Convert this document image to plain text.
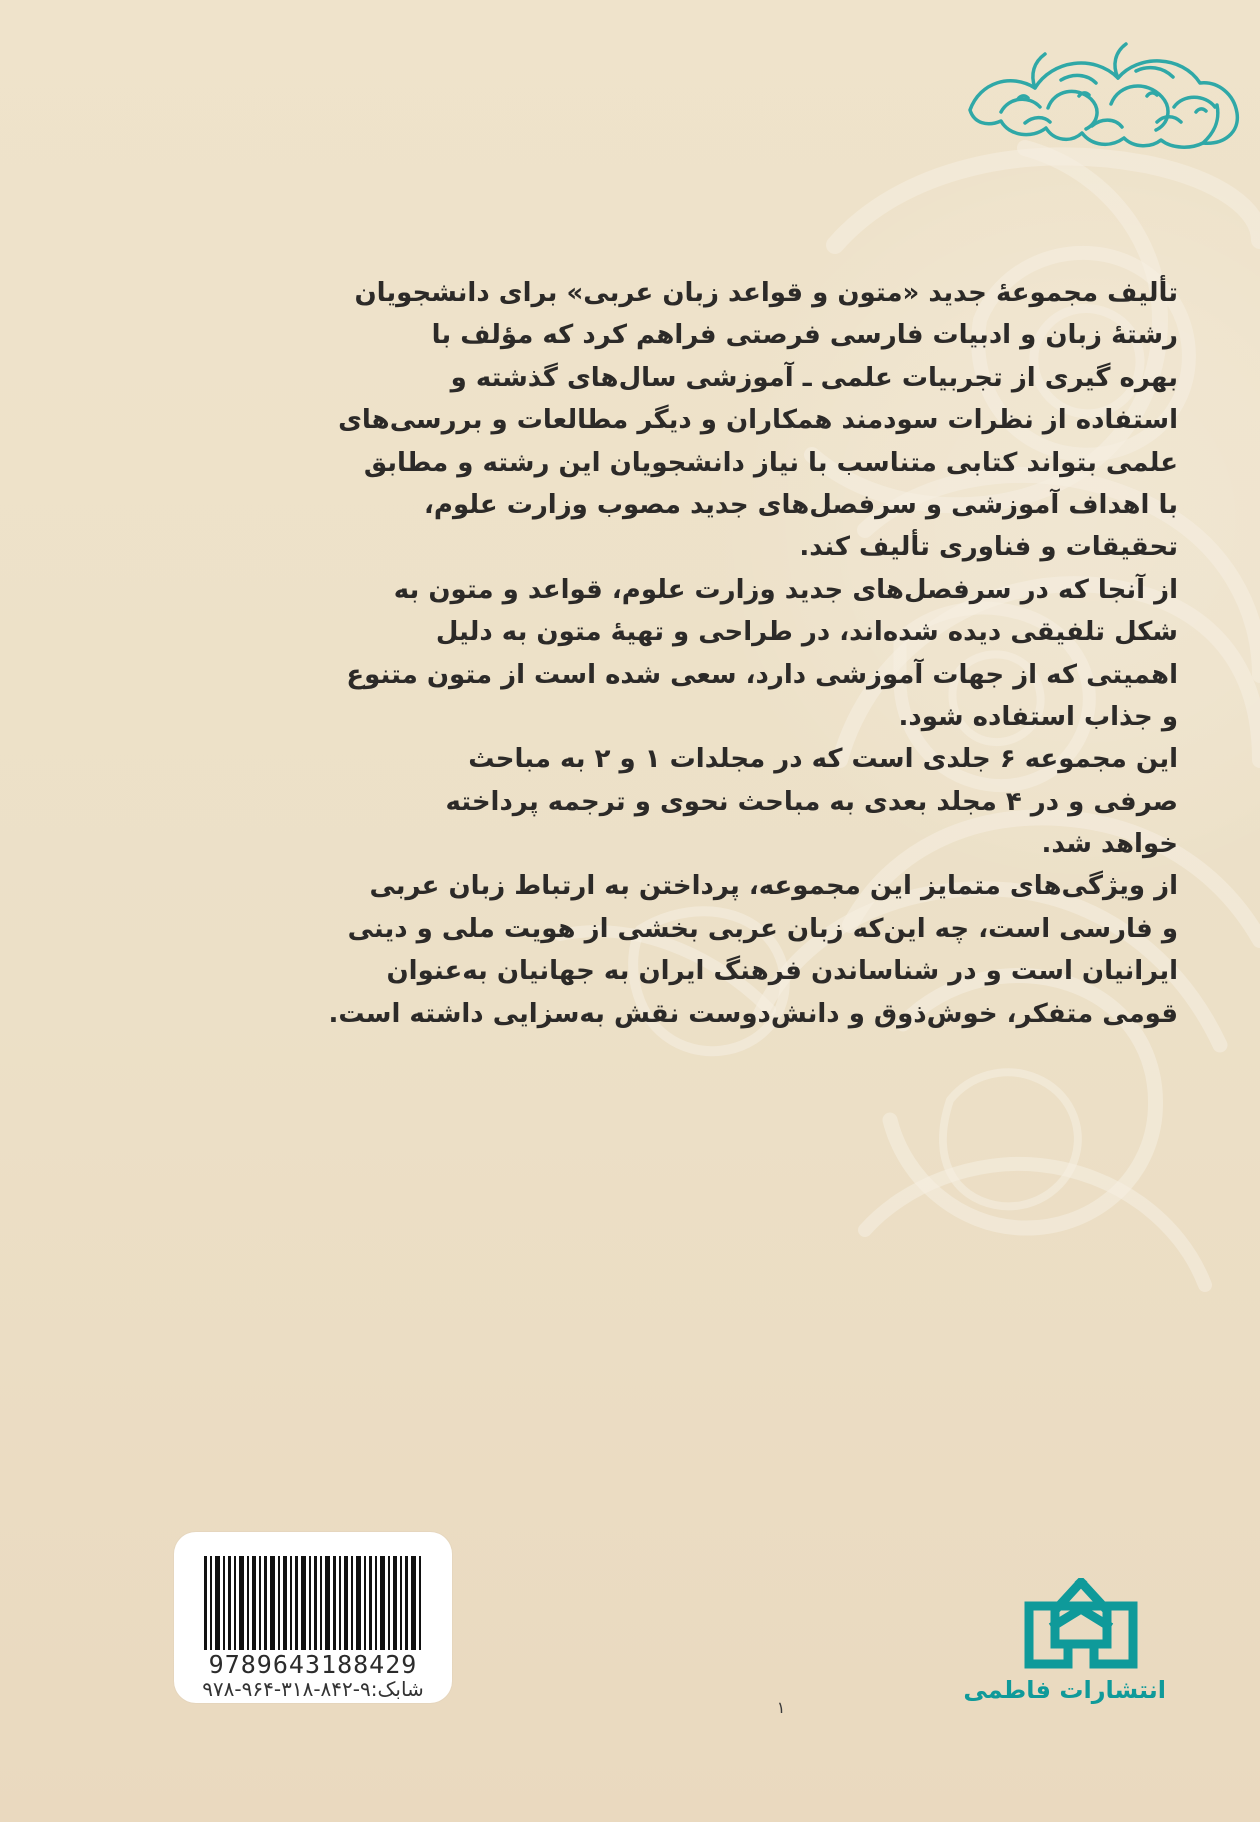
تألیف مجموعهٔ جدید «متون و قواعد زبان عربی» برای دانشجویان
رشتهٔ زبان و ادبیات فارسی فرصتی فراهم کرد که مؤلف با
بهره گیری از تجربیات علمی ـ آموزشی سال‌های گذشته و
استفاده از نظرات سودمند همکاران و دیگر مطالعات و بررسی‌های
علمی بتواند کتابی متناسب با نیاز دانشجویان این رشته و مطابق
با اهداف آموزشی و سرفصل‌های جدید مصوب وزارت علوم،
تحقیقات و فناوری تألیف کند.
از آنجا که در سرفصل‌های جدید وزارت علوم، قواعد و متون به
شکل تلفیقی دیده شده‌اند، در طراحی و تهیهٔ متون به دلیل
اهمیتی که از جهات آموزشی دارد، سعی شده است از متون متنوع
و جذاب استفاده شود.
این مجموعه ۶ جلدی است که در مجلدات ۱ و ۲ به مباحث
صرفی و در ۴ مجلد بعدی به مباحث نحوی و ترجمه پرداخته
خواهد شد.
از ویژگی‌های متمایز این مجموعه، پرداختن به ارتباط زبان عربی
و فارسی است، چه این‌که زبان عربی بخشی از هویت ملی و دینی
ایرانیان است و در شناساندن فرهنگ ایران به جهانیان به‌عنوان
قومی متفکر، خوش‌ذوق و دانش‌دوست نقش به‌سزایی داشته است.
9789643188429
شابک:۹-۸۴۲-۳۱۸-۹۶۴-۹۷۸	انتشارات فاطمی
۱
